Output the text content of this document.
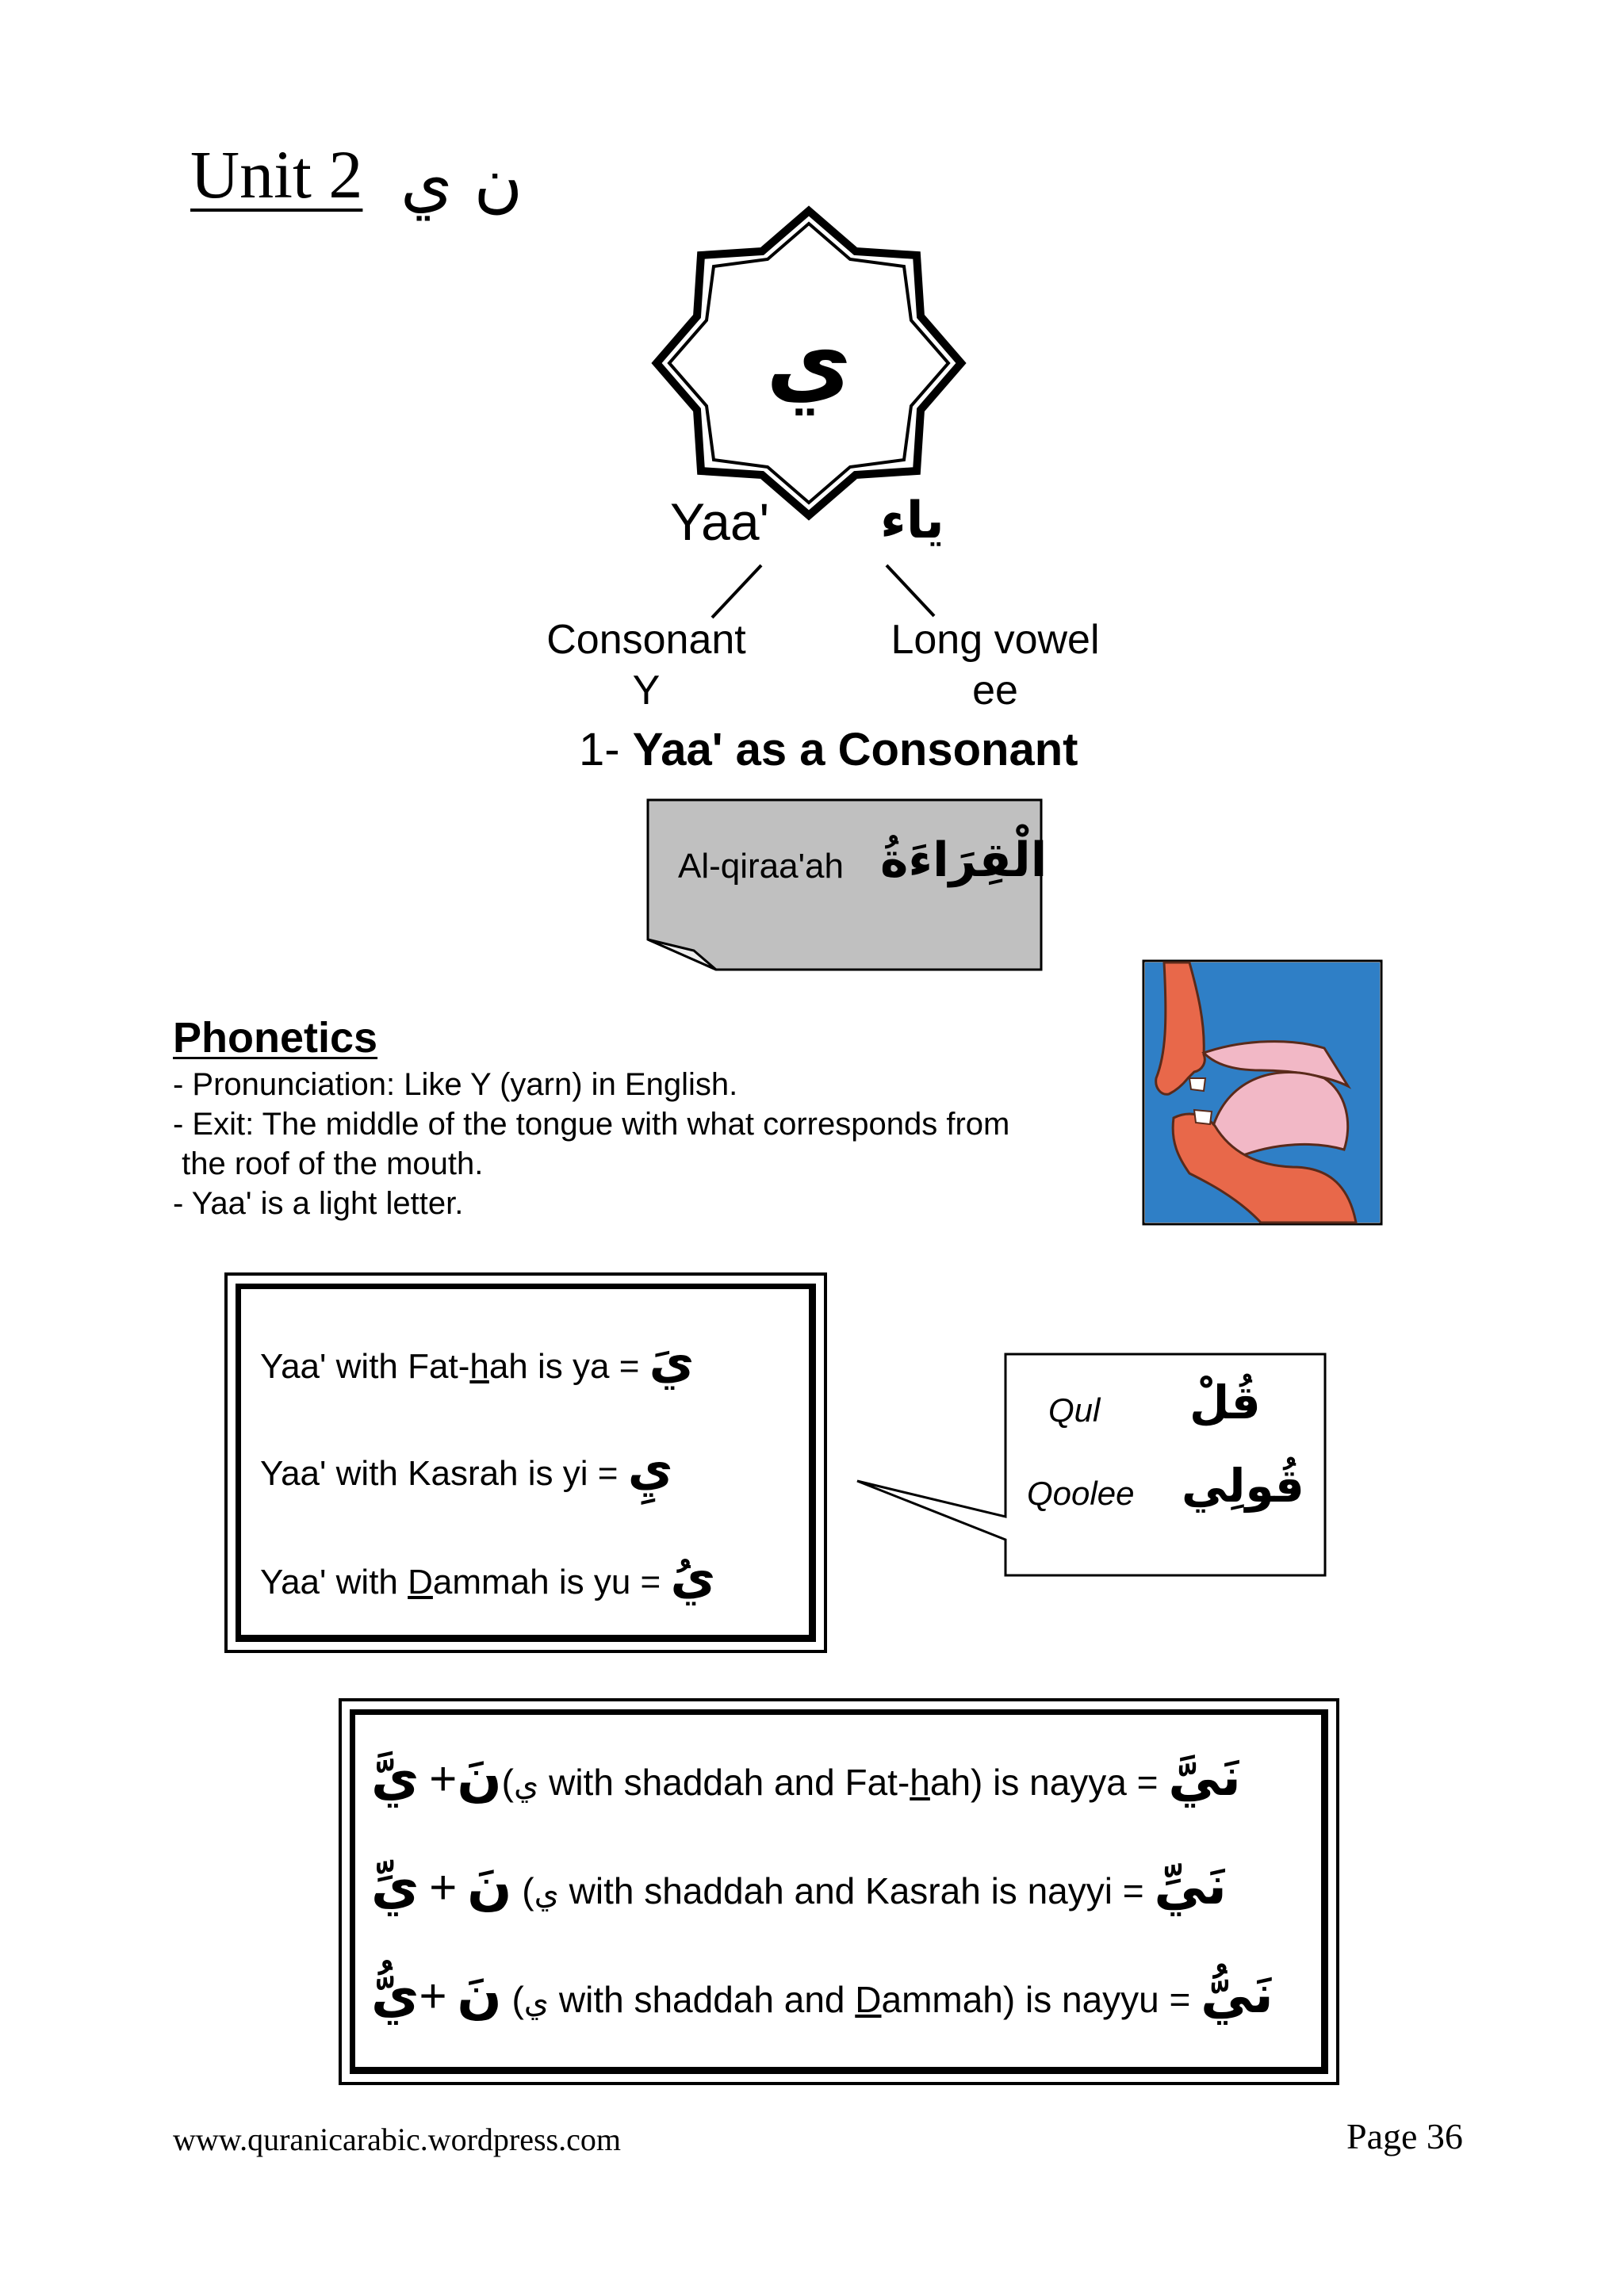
Unit 2 ن ي
ي
Yaa' ياء
Consonant
Y
Long vowel
ee
1- Yaa' as a Consonant
Al-qiraa'ah الْقِرَاءَةُ
Phonetics
- Pronunciation: Like Y (yarn) in English.
- Exit: The middle of the tongue with what corresponds from
the roof of the mouth.
- Yaa' is a light letter.
Yaa' with Fat-hah is ya = يَ
Yaa' with Kasrah is yi = يِ
Yaa' with Dammah is yu = يُ
Qul قُلْ
Qoolee قُولِي
يَّ +نَ(ي with shaddah and Fat-hah) is nayya = نَيَّ
يِّ + نَ (ي with shaddah and Kasrah is nayyi = نَيِّ
يُّ+ نَ (ي with shaddah and Dammah) is nayyu = نَيُّ
www.quranicarabic.wordpress.com	Page 36
